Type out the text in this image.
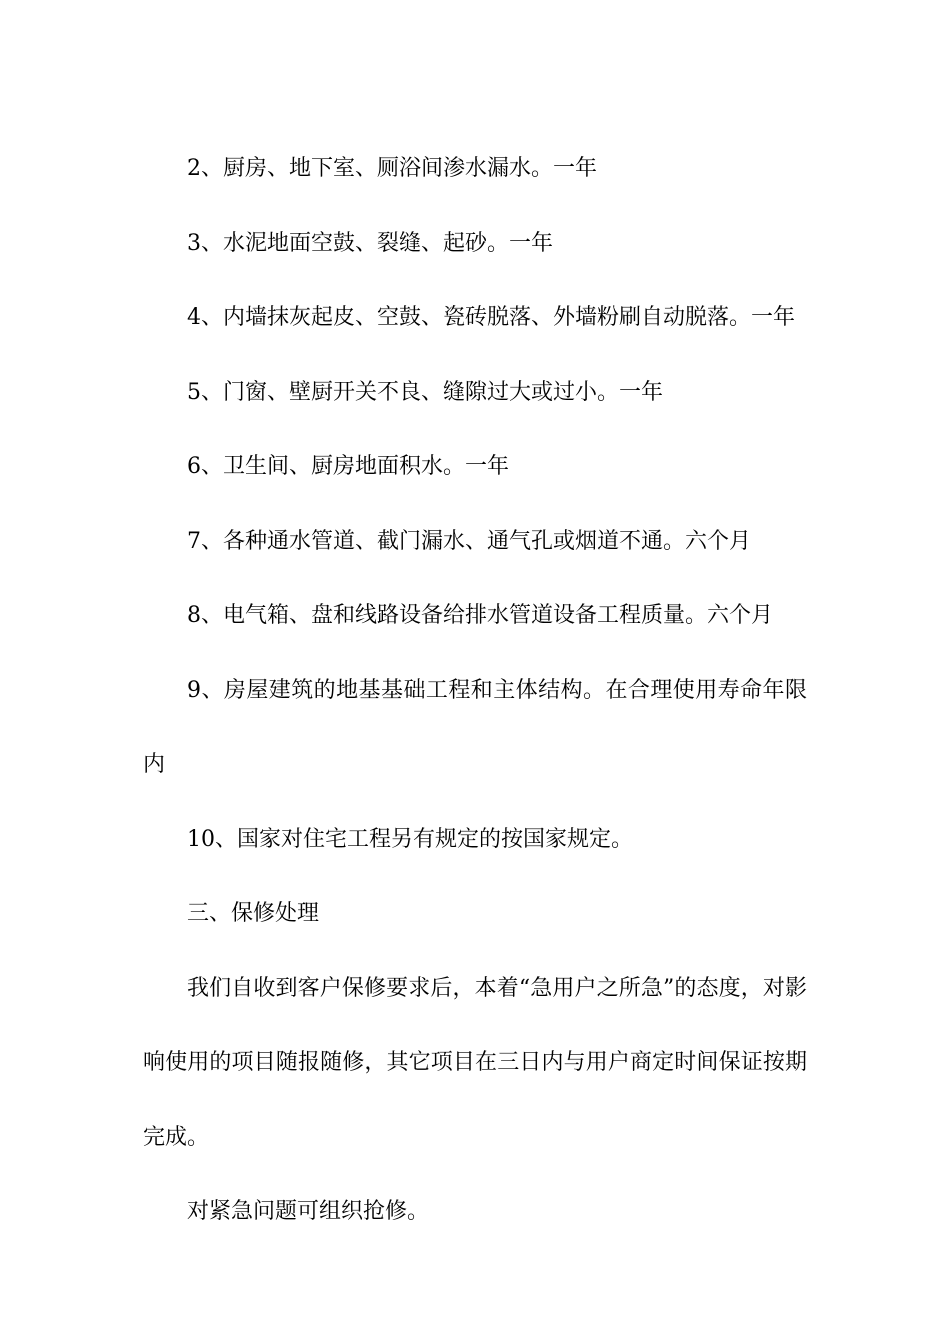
2、厨房、地下室、厕浴间渗水漏水。一年

3、水泥地面空鼓、裂缝、起砂。一年

4、内墙抹灰起皮、空鼓、瓷砖脱落、外墙粉刷自动脱落。一年

5、门窗、壁厨开关不良、缝隙过大或过小。一年

6、卫生间、厨房地面积水。一年

7、各种通水管道、截门漏水、通气孔或烟道不通。六个月

8、电气箱、盘和线路设备给排水管道设备工程质量。六个月

9、房屋建筑的地基基础工程和主体结构。在合理使用寿命年限内

10、国家对住宅工程另有规定的按国家规定。

三、保修处理

我们自收到客户保修要求后，本着“急用户之所急”的态度，对影响使用的项目随报随修，其它项目在三日内与用户商定时间保证按期完成。

对紧急问题可组织抢修。
